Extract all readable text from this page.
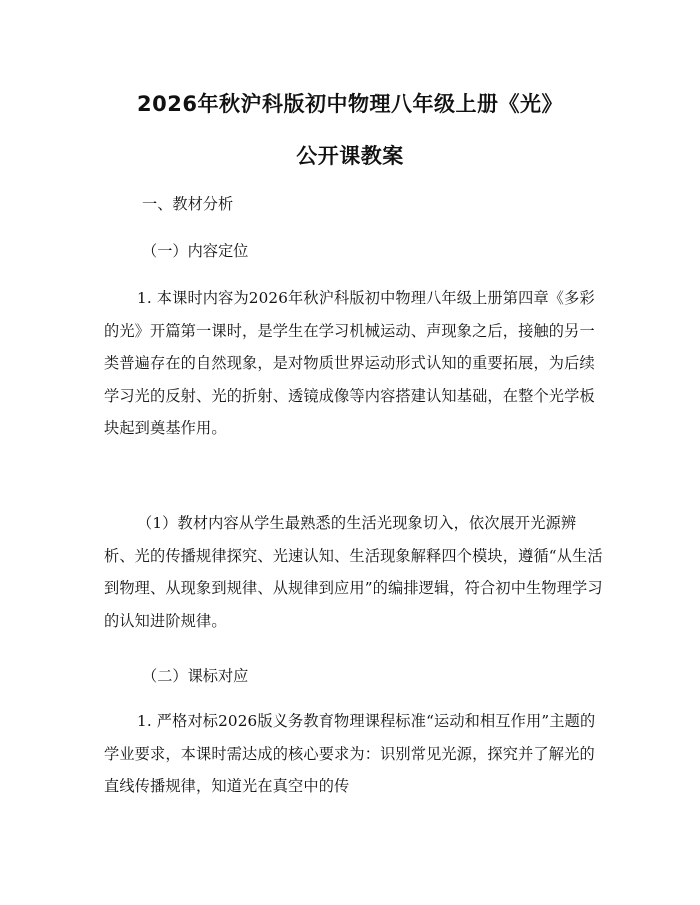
2026年秋沪科版初中物理八年级上册《光》
公开课教案

一、教材分析

（一）内容定位

1. 本课时内容为2026年秋沪科版初中物理八年级上册第四章《多彩的光》开篇第一课时，是学生在学习机械运动、声现象之后，接触的另一类普遍存在的自然现象，是对物质世界运动形式认知的重要拓展，为后续学习光的反射、光的折射、透镜成像等内容搭建认知基础，在整个光学板块起到奠基作用。

（1）教材内容从学生最熟悉的生活光现象切入，依次展开光源辨析、光的传播规律探究、光速认知、生活现象解释四个模块，遵循“从生活到物理、从现象到规律、从规律到应用”的编排逻辑，符合初中生物理学习的认知进阶规律。

（二）课标对应

1. 严格对标2026版义务教育物理课程标准“运动和相互作用”主题的学业要求，本课时需达成的核心要求为：识别常见光源，探究并了解光的直线传播规律，知道光在真空中的传
